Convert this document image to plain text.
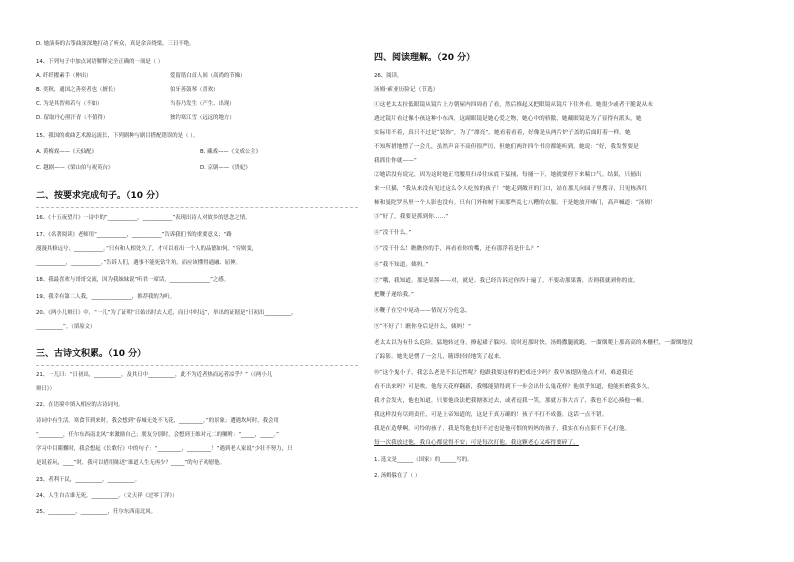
D. 她演奏的古筝曲深深地打动了听众，真是余音绕梁，三日不绝。
14、下列句子中加点词语解释完全正确的一项是（ ）
A. 纤纤擢素手（伸出）	爱留谐白首人间（高尚的节操）
B. 奕秋，通国之善奕者也（擅长）	伯牙善鼓琴（喜欢）
C. 为是其智弗若与（不如）	当春乃发生（产生、出现）
D. 留取丹心照汗青（不值得）	独钓寒江雪（远远的地方）
15、我国的戏曲艺术源远流长，下列剧种与剧目搭配错误的是（ ）。
A. 黄梅戏——《天仙配》	B. 藏戏——《文成公主》
C. 越剧——《梁山伯与祝英台》	D. 京剧——《贵妃》
二、按要求完成句子。（10 分）
16、《十五夜望月》一诗中的“___________，___________”表现出诗人对故乡的思念之情。
17、《名著阅读》老师用“___________，___________”告诉我们书的重要意义；“路
漫漫其修远兮，___________。”只有和人相处久了，才可以看出一个人的品德如何。“穷则变，
___________，___________。”告诉人们，遇事不能死钻牛角，而应该懂得通融、屈伸。
18、我最喜欢与哥哥交流，因为我妹妹说“听君一席话，_______________”之感。
19、我幸有第二人我，_______________，推荐我的为听。
20、《两小儿辩日》中，“一儿”为了证明“日始出时去人近，而日中时远”，举出的证据是“日初出__________，
__________”。（填原文）
三、古诗文积累。（10 分）
21、一儿曰：“日初出，__________，及其日中__________，此不为近者热而远者凉乎？”（《两小儿
辩日》）
22、在语境中填入相应的古诗词句。
诗词中有生活。寒食节到来时，我会想到“春城无处不飞花，_________。”的景象；遭遇坎坷时，我会用
“_________，任尔东西南北风”来激励自己；朋友分别时，会想到王维对元二的嘱咐：“_____，_____。”
学习中目睹懈时，我会想起《长歌行》中的句子：“_________，_________！”遇到老人家说“少壮不努力，只
是说着玩，____”时，我可以借用陈述“谁道人生无再少？_____”的句子劝慰他。
23、者利于民，__________，__________。
24、人生自古谁无死，__________。（文天祥《过零丁洋》）
25、__________，__________，任尔东西南北风。
四、阅读理解。（20 分）
26、阅读。
汤姆·索亚历险记（节选）
①这老太太拉低眼镜从镜片上方朝屋内四周看了看，然后推起又把眼镜从镜片下往外看。她很少或者干脆说从未
透过镜片看过像小孩这种小东西，这副眼镜是她心爱之物，她心中的骄傲，她戴眼镜是为了显得有派头，她
实际用不着，真只不过是“装饰”，为了“漂亮”。她看着看着，好像是从两片炉子盖的后面盯着一样。她
不知所措地愣了一会儿，虽然声音不高但很严厉，但她们两许四个书房都能听到。她说：“好，我发誓要是
我抓住你就——”
②她话没有说完，因为这时她正弯腰用扫帚往床底下猛捅，每捅一下，她就要停下来喘口气。结果，只捅出
来一只猫，“我从来没有见过这么令人吃惊的孩子！”她走到敞开的门口，站在那儿向园子里搜寻，只见栋西红
柿和曼陀罗丛里一个人影也没有。只有门外和树下面那些乱七八糟的衣服。于是她放开嗓门，高声喊道：“汤姆！
③“好了，我要是抓到你……”
④“没干什么。”
⑤“没干什么！瞧瞧你的手，再看看你的嘴，还有那浮着是什么？”
⑥“我不知道，姨妈。”
⑦“哦，我知道，那是果酱——对，就是。我已经告诉过你四十遍了，不要动那果酱，否则我就剥你的皮。
把鞭子递给我。”
⑧鞭子在空中晃动——情况万分危急。
⑨“不好了！瞧你身后是什么，姨妈！”
老太太以为有什么危险，猛地转过身，撩起裙子躲闪。说时迟那时快，汤姆撒腿就跑，一溜烟爬上那高高的木栅栏，一溜烟地没
了踪影。她先是愣了一会儿，随即轻轻地笑了起来。
⑩“这个鬼小子，我怎么老是不长记性呢？他跟我耍这样的把戏还少吗？我早该提防他点才对，难道我还
看不出来吗？可是唉，他每天花样翻新，我哪能猜得到下一步会出什么鬼花样？他似乎知道，他能折磨我多久，
我才会发火，他也知道，只要他设法把我搪塞过去，或者逗我一笑，那就万事大吉了，我也不忍心揍他一顿。
我这样没有尽到责任，可是上帝知道的，这是千真万确的！孩子不打不成器，这话一点不错。
我是在造孽啊，可怜的孩子，我是骂他也好不过也是他可恨的妈妈的孩子，我实在有点狠不下心打他。
每一次我放过他，我良心都觉得不安；可是每次打他，我这颗老心又疼得要碎了。
1. 选文是______（国家）的______写的。
2. 汤姆躲在了（ ）
